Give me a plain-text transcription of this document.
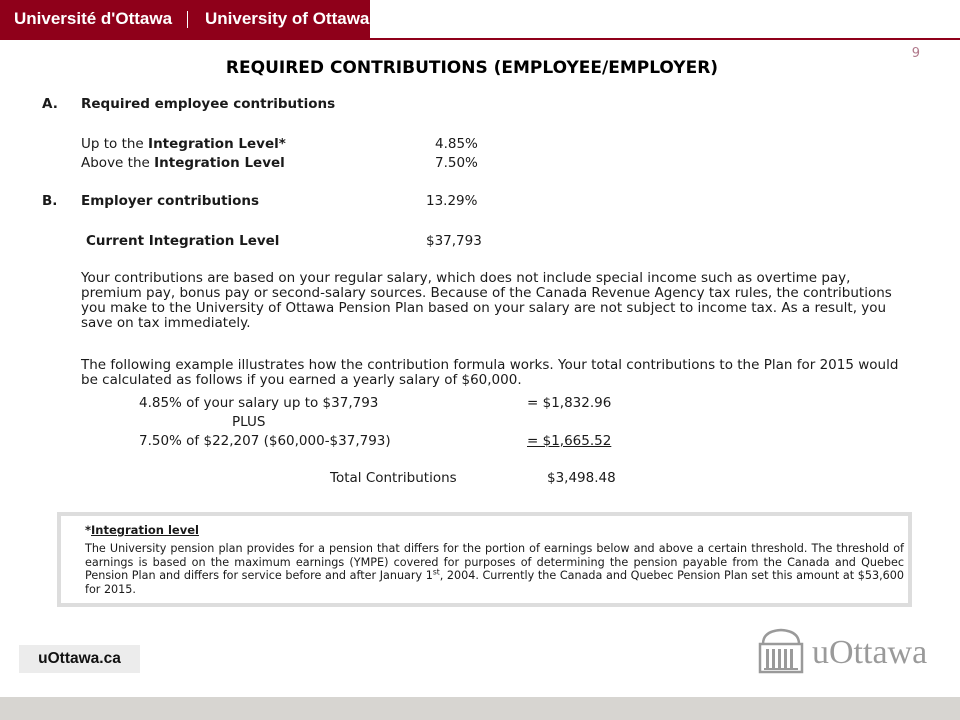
Université d'Ottawa University of Ottawa
9
REQUIRED CONTRIBUTIONS (EMPLOYEE/EMPLOYER)
A. Required employee contributions
Up to the Integration Level*	4.85%
Above the Integration Level	7.50%
B. Employer contributions	13.29%
Current Integration Level	$37,793
Your contributions are based on your regular salary, which does not include special income such as overtime pay, premium pay, bonus pay or second-salary sources. Because of the Canada Revenue Agency tax rules, the contributions you make to the University of Ottawa Pension Plan based on your salary are not subject to income tax. As a result, you save on tax immediately.
The following example illustrates how the contribution formula works. Your total contributions to the Plan for 2015 would be calculated as follows if you earned a yearly salary of $60,000.
4.85% of your salary up to $37,793	= $1,832.96
PLUS
7.50% of $22,207 ($60,000-$37,793)	= $1,665.52
Total Contributions	$3,498.48
*Integration level
The University pension plan provides for a pension that differs for the portion of earnings below and above a certain threshold. The threshold of earnings is based on the maximum earnings (YMPE) covered for purposes of determining the pension payable from the Canada and Quebec Pension Plan and differs for service before and after January 1st, 2004. Currently the Canada and Quebec Pension Plan set this amount at $53,600 for 2015.
uOttawa.ca	uOttawa
